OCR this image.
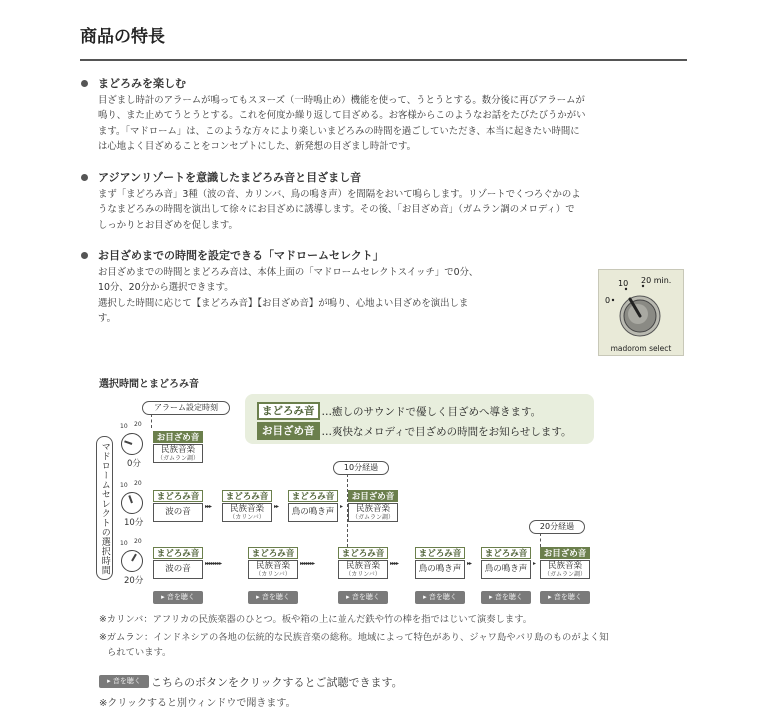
商品の特長
まどろみを楽しむ
目ざまし時計のアラームが鳴ってもスヌーズ（一時鳴止め）機能を使って、うとうとする。数分後に再びアラームが
鳴り、また止めてうとうとする。これを何度か繰り返して目ざめる。お客様からこのようなお話をたびたびうかがい
ます。「マドローム」は、このような方々により楽しいまどろみの時間を過ごしていただき、本当に起きたい時間に
は心地よく目ざめることをコンセプトにした、新発想の目ざまし時計です。
アジアンリゾートを意識したまどろみ音と目ざまし音
まず「まどろみ音」3種（波の音、カリンバ、鳥の鳴き声）を間隔をおいて鳴らします。リゾートでくつろぐかのよ
うなまどろみの時間を演出して徐々にお目ざめに誘導します。その後、「お目ざめ音」（ガムラン調のメロディ）で
しっかりとお目ざめを促します。
お目ざめまでの時間を設定できる「マドロームセレクト」
お目ざめまでの時間とまどろみ音は、本体上面の「マドロームセレクトスイッチ」で0分、
10分、20分から選択できます。
選択した時間に応じて【まどろみ音】【お目ざめ音】が鳴り、心地よい目ざめを演出しま
す。
10 20 min.
0
madorom select
選択時間とまどろみ音
まどろみ音 …癒しのサウンドで優しく目ざめへ導きます。
お目ざめ音 …爽快なメロディで目ざめの時間をお知らせします。
アラーム設定時刻
マドロームセレクトの選択時間
10 20
0分
お目ざめ音
民族音楽
（ガムラン調）
10 20
10分
まどろみ音
波の音
▸▸▸
まどろみ音
民族音楽
（カリンバ）
▸▸
まどろみ音
鳥の鳴き声
▸
10分経過
お目ざめ音
民族音楽
（ガムラン調）
10 20
20分
まどろみ音
波の音
▸▸▸▸▸▸▸▸
まどろみ音
民族音楽
（カリンバ）
▸▸▸▸▸▸▸
まどろみ音
民族音楽
（カリンバ）
▸▸▸▸
まどろみ音
鳥の鳴き声
▸▸
まどろみ音
鳥の鳴き声
▸
20分経過
お目ざめ音
民族音楽
（ガムラン調）
▸ 音を聴く	▸ 音を聴く	▸ 音を聴く	▸ 音を聴く	▸ 音を聴く	▸ 音を聴く
※カリンバ：アフリカの民族楽器のひとつ。板や箱の上に並んだ鉄や竹の棒を指ではじいて演奏します。
※ガムラン：インドネシアの各地の伝統的な民族音楽の総称。地域によって特色があり、ジャワ島やバリ島のものがよく知
られています。
▸ 音を聴く こちらのボタンをクリックするとご試聴できます。
※クリックすると別ウィンドウで聞きます。
